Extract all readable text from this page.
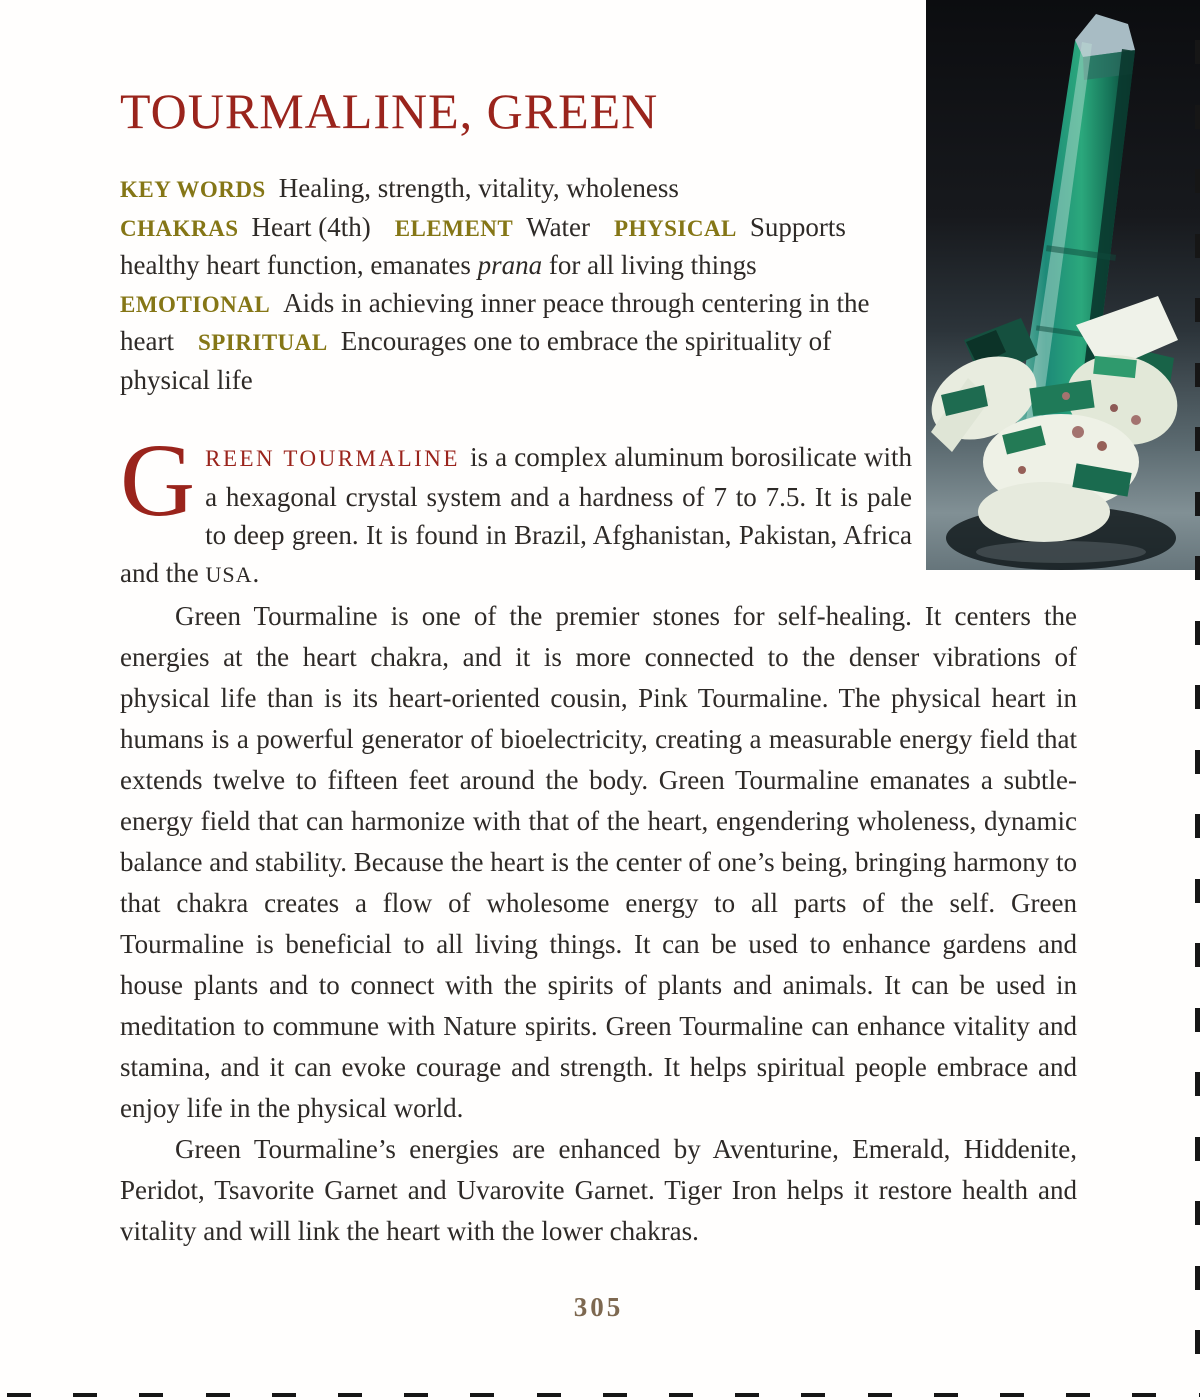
TOURMALINE, GREEN

KEY WORDS Healing, strength, vitality, wholeness

CHAKRAS Heart (4th) ELEMENT Water PHYSICAL Supports healthy heart function, emanates prana for all living things

EMOTIONAL Aids in achieving inner peace through centering in the heart SPIRITUAL Encourages one to embrace the spirituality of physical life

GREEN TOURMALINE is a complex aluminum borosilicate with a hexagonal crystal system and a hardness of 7 to 7.5. It is pale to deep green. It is found in Brazil, Afghanistan, Pakistan, Africa and the USA.

Green Tourmaline is one of the premier stones for self-healing. It centers the energies at the heart chakra, and it is more connected to the denser vibrations of physical life than is its heart-oriented cousin, Pink Tourmaline. The physical heart in humans is a powerful generator of bioelectricity, creating a measurable energy field that extends twelve to fifteen feet around the body. Green Tourmaline emanates a subtle-energy field that can harmonize with that of the heart, engendering wholeness, dynamic balance and stability. Because the heart is the center of one’s being, bringing harmony to that chakra creates a flow of wholesome energy to all parts of the self. Green Tourmaline is beneficial to all living things. It can be used to enhance gardens and house plants and to connect with the spirits of plants and animals. It can be used in meditation to commune with Nature spirits. Green Tourmaline can enhance vitality and stamina, and it can evoke courage and strength. It helps spiritual people embrace and enjoy life in the physical world.

Green Tourmaline’s energies are enhanced by Aventurine, Emerald, Hiddenite, Peridot, Tsavorite Garnet and Uvarovite Garnet. Tiger Iron helps it restore health and vitality and will link the heart with the lower chakras.

305
